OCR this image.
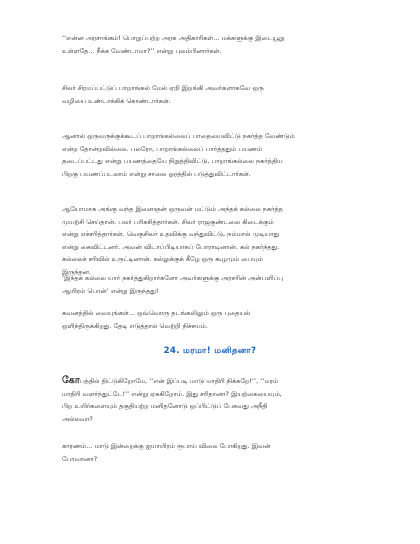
‘‘என்ன அரசாங்கம்! பொறுப்பற்ற அரசு அதிகாரிகள்... மக்களுக்கு இடையூறு
உள்ளதே... நீக்க வேண்டாமா?’’ என்று புலம்பினார்கள்.
சிலர் சிரமப்பட்டுப் பாறாங்கல் மேல் ஏறி இறங்கி அவர்களாகவே ஒரு
வழியை உண்டாக்கிக் கொண்டார்கள்.
ஆனால் ஒருவருக்குக்கூடப் பாறாங்கல்லைப் பாதையைவிட்டு நகர்த்த வேண்டும்
என்ற தோன்றவில்லை. பலரோ, பாறாங்கல்லைப் பார்த்ததும் பயணம்
தடைப்பட்டது என்று பயணத்தையே நிறுத்திவிட்டு, பாறாங்கல்லை நகர்த்திய
பிறகு பயணப்படலாம் என்று சாலை ஓரத்தில் படுத்துவிட்டார்கள்.
ஆயோமாக அங்கு வந்த இளைஞன் ஒருவன் மட்டும் அந்தக் கல்லை நகர்த்த
முயற்சி செய்தான். பலர் பரிகசித்தார்கள். சிலர் ராஜகுண்டலை கிடைக்கும்
என்று எச்சரித்தார்கள். வெகுசிலர் உதவிக்கு வந்துவிட்டு, நம்மால் முடியாது
என்று கைவிட்டனர். அவன் விடாப்பிடியாகப் போராடினான். கல் நகர்ந்தது.
கல்லைச் சரிவில் உருட்டினான். கல்லுக்குக் கீழே ஒரு கூழமும் பையும்
இருந்தன.
‘இந்தக் கல்லை யார் நகர்த்துகிறார்களோ அவர்களுக்கு அரசரின் அன்பளிப்பு
ஆயிரம் பொன்’ என்று இருந்தது!
கவனத்தில் வையுங்கள்... ஒவ்வொரு தடங்கலிலும் ஒரு புதையல்
ஒளிந்திருக்கிறது. தேடி எடுத்தால் வெற்றி நிச்சயம்.
24. மரமா! மனிதனா?
கோபத்தில் திட்டுகிறோமே, ‘‘என் இப்படி மாடு மாதிரி நிக்கறே!’’, ‘‘மரம்
மாதிரி வளர்ந்துட்டே!’’ என்று ஏசுகிறோம். இது சரிதானா? இயற்கையையும்,
பிற உயிர்களையும் தகுதியற்ற மனிதனோடு ஒப்பிட்டுப் பேசுவது அநீதி
அல்லவா?
காரணம்... மாடு இன்றைக்கு ஐயாயிரம் ரூபாய் விலை போகிறது. இவன்
போவானா?
